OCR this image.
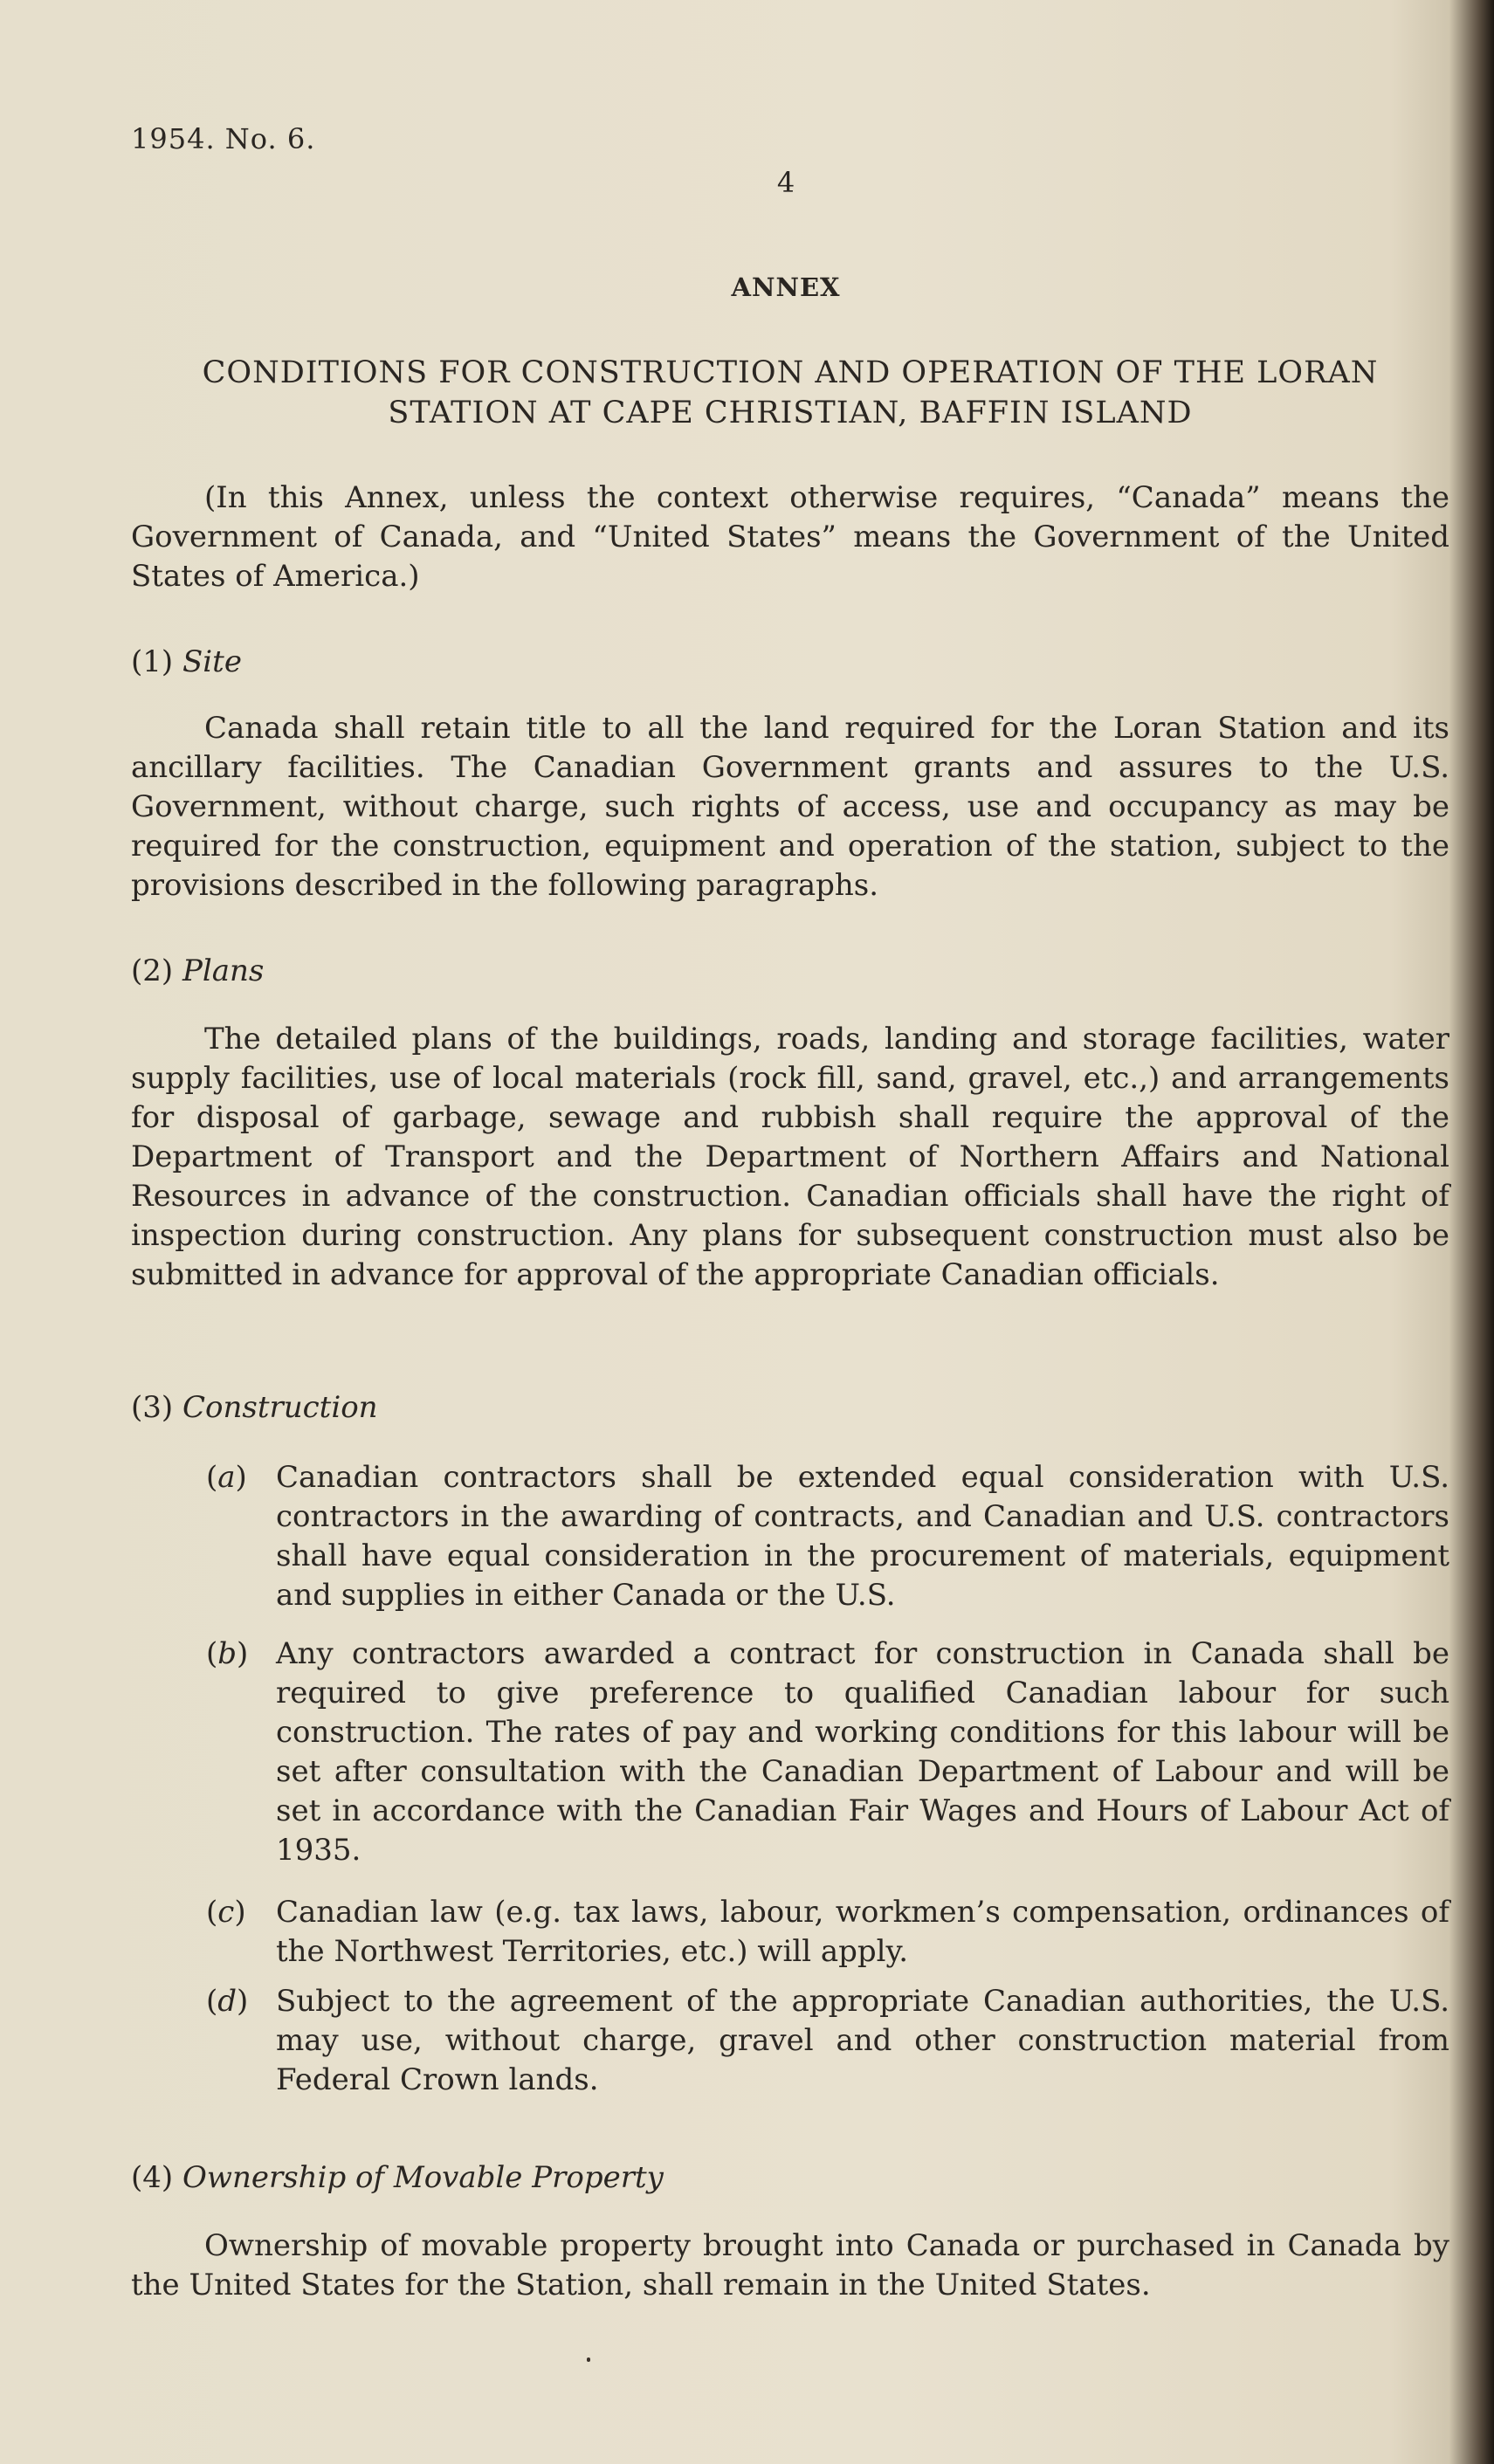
1954. No. 6.
4
ANNEX
CONDITIONS FOR CONSTRUCTION AND OPERATION OF THE LORAN STATION AT CAPE CHRISTIAN, BAFFIN ISLAND
(In this Annex, unless the context otherwise requires, “Canada” means the Government of Canada, and “United States” means the Government of the United States of America.)
(1) Site
Canada shall retain title to all the land required for the Loran Station and its ancillary facilities. The Canadian Government grants and assures to the U.S. Government, without charge, such rights of access, use and occupancy as may be required for the construction, equipment and operation of the station, subject to the provisions described in the following paragraphs.
(2) Plans
The detailed plans of the buildings, roads, landing and storage facilities, water supply facilities, use of local materials (rock fill, sand, gravel, etc.,) and arrangements for disposal of garbage, sewage and rubbish shall require the approval of the Department of Transport and the Department of Northern Affairs and National Resources in advance of the construction. Canadian officials shall have the right of inspection during construction. Any plans for subsequent construction must also be submitted in advance for approval of the appropriate Canadian officials.
(3) Construction
(a) Canadian contractors shall be extended equal consideration with U.S. contractors in the awarding of contracts, and Canadian and U.S. contractors shall have equal consideration in the procurement of materials, equipment and supplies in either Canada or the U.S.
(b) Any contractors awarded a contract for construction in Canada shall be required to give preference to qualified Canadian labour for such construction. The rates of pay and working conditions for this labour will be set after consultation with the Canadian Department of Labour and will be set in accordance with the Canadian Fair Wages and Hours of Labour Act of 1935.
(c) Canadian law (e.g. tax laws, labour, workmen’s compensation, ordinances of the Northwest Territories, etc.) will apply.
(d) Subject to the agreement of the appropriate Canadian authorities, the U.S. may use, without charge, gravel and other construction material from Federal Crown lands.
(4) Ownership of Movable Property
Ownership of movable property brought into Canada or purchased in Canada by the United States for the Station, shall remain in the United States.
